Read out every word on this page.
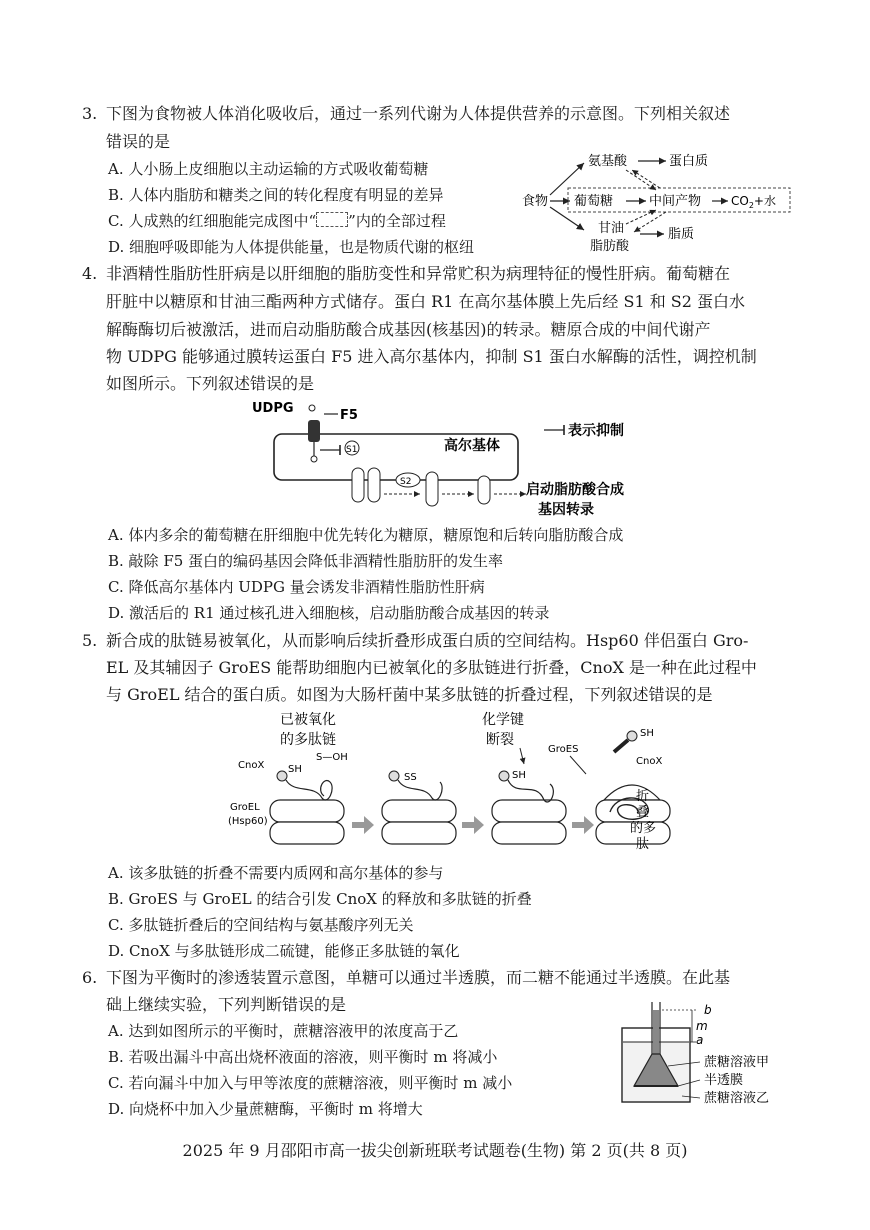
3. 下图为食物被人体消化吸收后，通过一系列代谢为人体提供营养的示意图。下列相关叙述
错误的是
A. 人小肠上皮细胞以主动运输的方式吸收葡萄糖
B. 人体内脂肪和糖类之间的转化程度有明显的差异
C. 人成熟的红细胞能完成图中“ ”内的全部过程
D. 细胞呼吸即能为人体提供能量，也是物质代谢的枢纽
氨基酸	蛋白质
食物 葡萄糖	中间产物 $CO_2+$水
甘油
脂肪酸
脂质
4. 非酒精性脂肪性肝病是以肝细胞的脂肪变性和异常贮积为病理特征的慢性肝病。葡萄糖在
肝脏中以糖原和甘油三酯两种方式储存。蛋白 R1 在高尔基体膜上先后经 S1 和 S2 蛋白水
解酶酶切后被激活，进而启动脂肪酸合成基因(核基因)的转录。糖原合成的中间代谢产
物 UDPG 能够通过膜转运蛋白 F5 进入高尔基体内，抑制 S1 蛋白水解酶的活性，调控机制
如图所示。下列叙述错误的是
UDPG	F5
高尔基体
S1
S2	启动脂肪酸合成
基因转录
表示抑制
A. 体内多余的葡萄糖在肝细胞中优先转化为糖原，糖原饱和后转向脂肪酸合成
B. 敲除 F5 蛋白的编码基因会降低非酒精性脂肪肝的发生率
C. 降低高尔基体内 UDPG 量会诱发非酒精性脂肪性肝病
D. 激活后的 R1 通过核孔进入细胞核，启动脂肪酸合成基因的转录
5. 新合成的肽链易被氧化，从而影响后续折叠形成蛋白质的空间结构。Hsp60 伴侣蛋白 Gro-
EL 及其辅因子 GroES 能帮助细胞内已被氧化的多肽链进行折叠，CnoX 是一种在此过程中
与 GroEL 结合的蛋白质。如图为大肠杆菌中某多肽链的折叠过程，下列叙述错误的是
已被氧化
的多肽链
CnoX SH
S—OH
GroEL
(Hsp60)
SS
化学键
断裂
SH
GroES
SH
CnoX
折
叠
的多
肽
A. 该多肽链的折叠不需要内质网和高尔基体的参与
B. GroES 与 GroEL 的结合引发 CnoX 的释放和多肽链的折叠
C. 多肽链折叠后的空间结构与氨基酸序列无关
D. CnoX 与多肽链形成二硫键，能修正多肽链的氧化
6. 下图为平衡时的渗透装置示意图，单糖可以通过半透膜，而二糖不能通过半透膜。在此基
础上继续实验，下列判断错误的是
A. 达到如图所示的平衡时，蔗糖溶液甲的浓度高于乙
B. 若吸出漏斗中高出烧杯液面的溶液，则平衡时 m 将减小
C. 若向漏斗中加入与甲等浓度的蔗糖溶液，则平衡时 m 减小
D. 向烧杯中加入少量蔗糖酶，平衡时 m 将增大
b
m
a
蔗糖溶液甲
半透膜
蔗糖溶液乙
2025 年 9 月邵阳市高一拔尖创新班联考试题卷(生物) 第 2 页(共 8 页)
